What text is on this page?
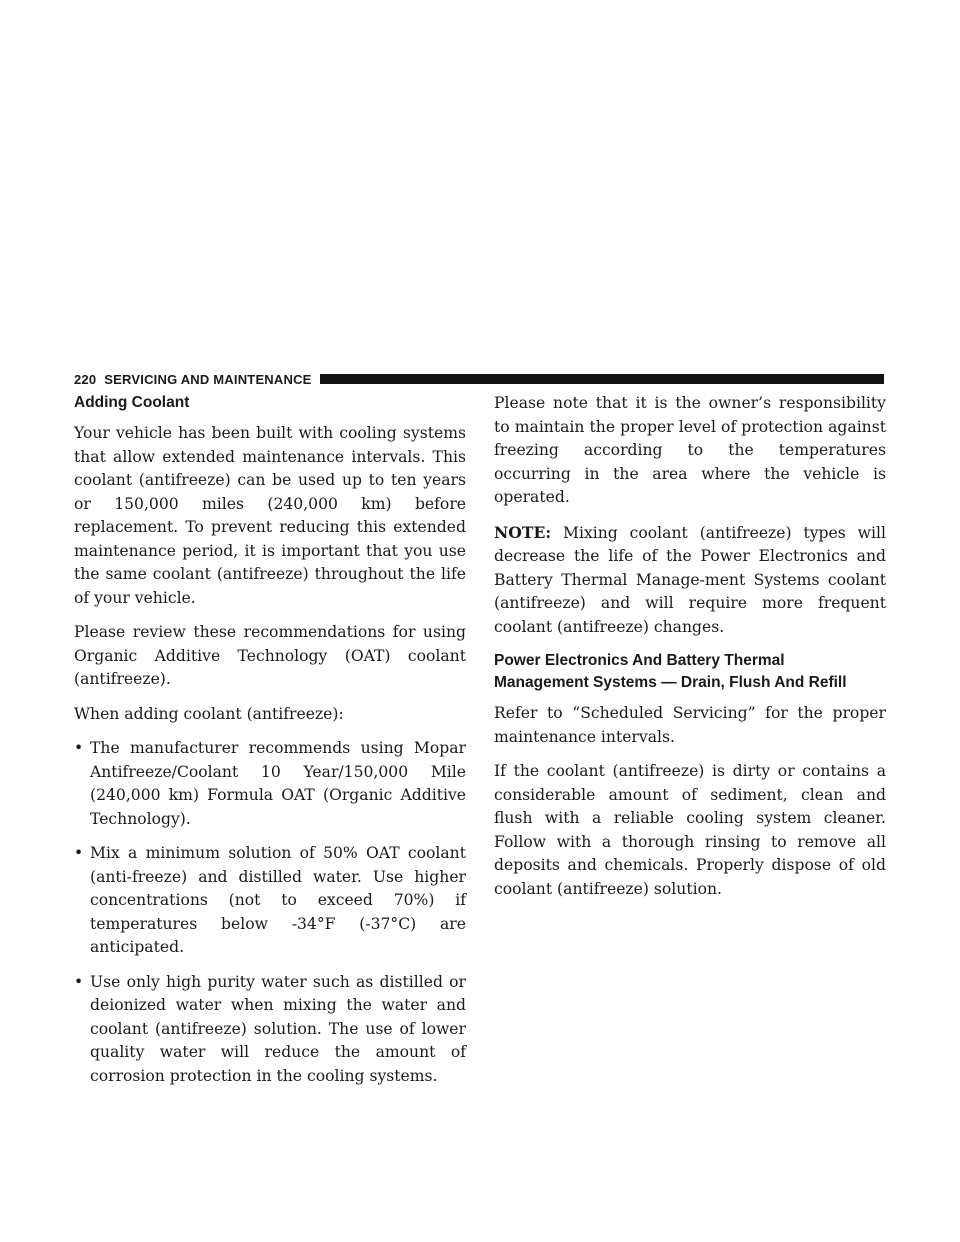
220 SERVICING AND MAINTENANCE
Adding Coolant

Your vehicle has been built with cooling systems that allow extended maintenance intervals. This coolant (antifreeze) can be used up to ten years or 150,000 miles (240,000 km) before replacement. To prevent reducing this extended maintenance period, it is important that you use the same coolant (antifreeze) throughout the life of your vehicle.

Please review these recommendations for using Organic Additive Technology (OAT) coolant (antifreeze).

When adding coolant (antifreeze):

• The manufacturer recommends using Mopar Antifreeze/Coolant 10 Year/150,000 Mile (240,000 km) Formula OAT (Organic Additive Technology).
• Mix a minimum solution of 50% OAT coolant (anti-freeze) and distilled water. Use higher concentrations (not to exceed 70%) if temperatures below -34°F (-37°C) are anticipated.
• Use only high purity water such as distilled or deionized water when mixing the water and coolant (antifreeze) solution. The use of lower quality water will reduce the amount of corrosion protection in the cooling systems.

Please note that it is the owner’s responsibility to maintain the proper level of protection against freezing according to the temperatures occurring in the area where the vehicle is operated.

NOTE: Mixing coolant (antifreeze) types will decrease the life of the Power Electronics and Battery Thermal Manage-ment Systems coolant (antifreeze) and will require more frequent coolant (antifreeze) changes.

Power Electronics And Battery Thermal
Management Systems — Drain, Flush And Refill

Refer to “Scheduled Servicing” for the proper maintenance intervals.

If the coolant (antifreeze) is dirty or contains a considerable amount of sediment, clean and flush with a reliable cooling system cleaner. Follow with a thorough rinsing to remove all deposits and chemicals. Properly dispose of old coolant (antifreeze) solution.
